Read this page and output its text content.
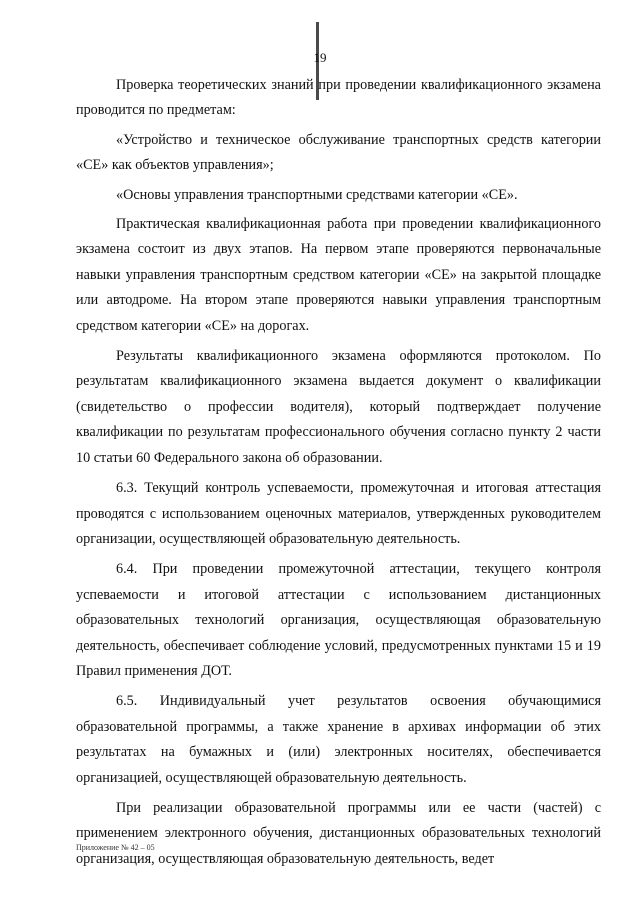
19

Проверка теоретических знаний при проведении квалификационного экзамена проводится по предметам:

«Устройство и техническое обслуживание транспортных средств категории «СЕ» как объектов управления»;

«Основы управления транспортными средствами категории «СЕ».

Практическая квалификационная работа при проведении квалификационного экзамена состоит из двух этапов. На первом этапе проверяются первоначальные навыки управления транспортным средством категории «СЕ» на закрытой площадке или автодроме. На втором этапе проверяются навыки управления транспортным средством категории «СЕ» на дорогах.

Результаты квалификационного экзамена оформляются протоколом. По результатам квалификационного экзамена выдается документ о квалификации (свидетельство о профессии водителя), который подтверждает получение квалификации по результатам профессионального обучения согласно пункту 2 части 10 статьи 60 Федерального закона об образовании.

6.3. Текущий контроль успеваемости, промежуточная и итоговая аттестация проводятся с использованием оценочных материалов, утвержденных руководителем организации, осуществляющей образовательную деятельность.

6.4. При проведении промежуточной аттестации, текущего контроля успеваемости и итоговой аттестации с использованием дистанционных образовательных технологий организация, осуществляющая образовательную деятельность, обеспечивает соблюдение условий, предусмотренных пунктами 15 и 19 Правил применения ДОТ.

6.5. Индивидуальный учет результатов освоения обучающимися образовательной программы, а также хранение в архивах информации об этих результатах на бумажных и (или) электронных носителях, обеспечивается организацией, осуществляющей образовательную деятельность.

При реализации образовательной программы или ее части (частей) с применением электронного обучения, дистанционных образовательных технологий организация, осуществляющая образовательную деятельность, ведет

Приложение № 42 – 05
